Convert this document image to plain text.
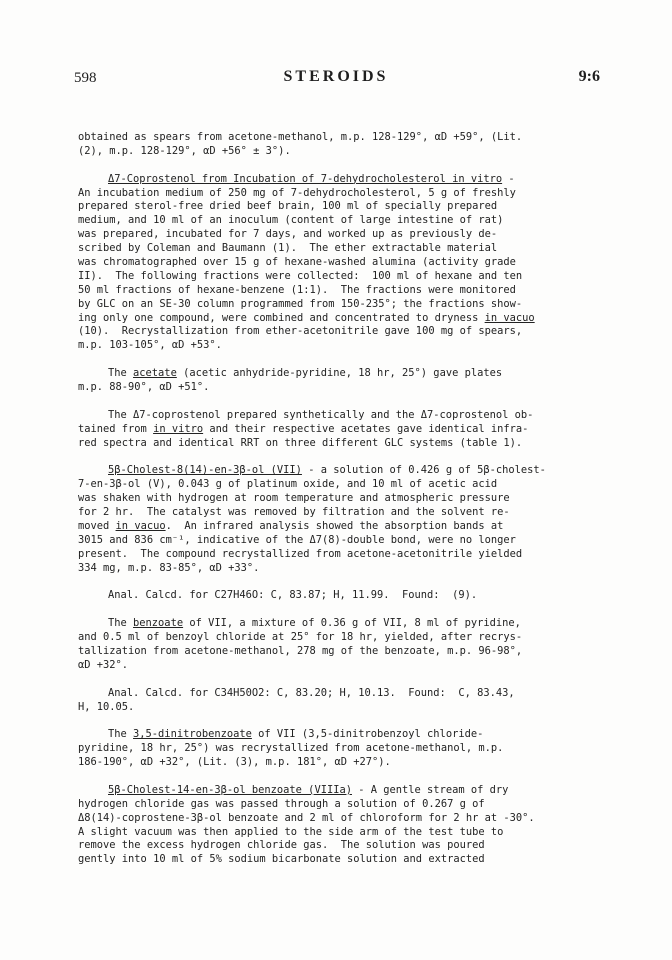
598	STEROIDS	9:6
obtained as spears from acetone-methanol, m.p. 128-129°, αD +59°, (Lit.
(2), m.p. 128-129°, αD +56° ± 3°).
Δ7-Coprostenol from Incubation of 7-dehydrocholesterol in vitro -
An incubation medium of 250 mg of 7-dehydrocholesterol, 5 g of freshly
prepared sterol-free dried beef brain, 100 ml of specially prepared
medium, and 10 ml of an inoculum (content of large intestine of rat)
was prepared, incubated for 7 days, and worked up as previously de-
scribed by Coleman and Baumann (1).  The ether extractable material
was chromatographed over 15 g of hexane-washed alumina (activity grade
II).  The following fractions were collected:  100 ml of hexane and ten
50 ml fractions of hexane-benzene (1:1).  The fractions were monitored
by GLC on an SE-30 column programmed from 150-235°; the fractions show-
ing only one compound, were combined and concentrated to dryness in vacuo
(10).  Recrystallization from ether-acetonitrile gave 100 mg of spears,
m.p. 103-105°, αD +53°.
The acetate (acetic anhydride-pyridine, 18 hr, 25°) gave plates
m.p. 88-90°, αD +51°.
The Δ7-coprostenol prepared synthetically and the Δ7-coprostenol ob-
tained from in vitro and their respective acetates gave identical infra-
red spectra and identical RRT on three different GLC systems (table 1).
5β-Cholest-8(14)-en-3β-ol (VII) - a solution of 0.426 g of 5β-cholest-
7-en-3β-ol (V), 0.043 g of platinum oxide, and 10 ml of acetic acid
was shaken with hydrogen at room temperature and atmospheric pressure
for 2 hr.  The catalyst was removed by filtration and the solvent re-
moved in vacuo.  An infrared analysis showed the absorption bands at
3015 and 836 cm⁻¹, indicative of the Δ7(8)-double bond, were no longer
present.  The compound recrystallized from acetone-acetonitrile yielded
334 mg, m.p. 83-85°, αD +33°.
Anal. Calcd. for C27H46O: C, 83.87; H, 11.99.  Found:  (9).
The benzoate of VII, a mixture of 0.36 g of VII, 8 ml of pyridine,
and 0.5 ml of benzoyl chloride at 25° for 18 hr, yielded, after recrys-
tallization from acetone-methanol, 278 mg of the benzoate, m.p. 96-98°,
αD +32°.
Anal. Calcd. for C34H50O2: C, 83.20; H, 10.13.  Found:  C, 83.43,
H, 10.05.
The 3,5-dinitrobenzoate of VII (3,5-dinitrobenzoyl chloride-
pyridine, 18 hr, 25°) was recrystallized from acetone-methanol, m.p.
186-190°, αD +32°, (Lit. (3), m.p. 181°, αD +27°).
5β-Cholest-14-en-3β-ol benzoate (VIIIa) - A gentle stream of dry
hydrogen chloride gas was passed through a solution of 0.267 g of
Δ8(14)-coprostene-3β-ol benzoate and 2 ml of chloroform for 2 hr at -30°.
A slight vacuum was then applied to the side arm of the test tube to
remove the excess hydrogen chloride gas.  The solution was poured
gently into 10 ml of 5% sodium bicarbonate solution and extracted
